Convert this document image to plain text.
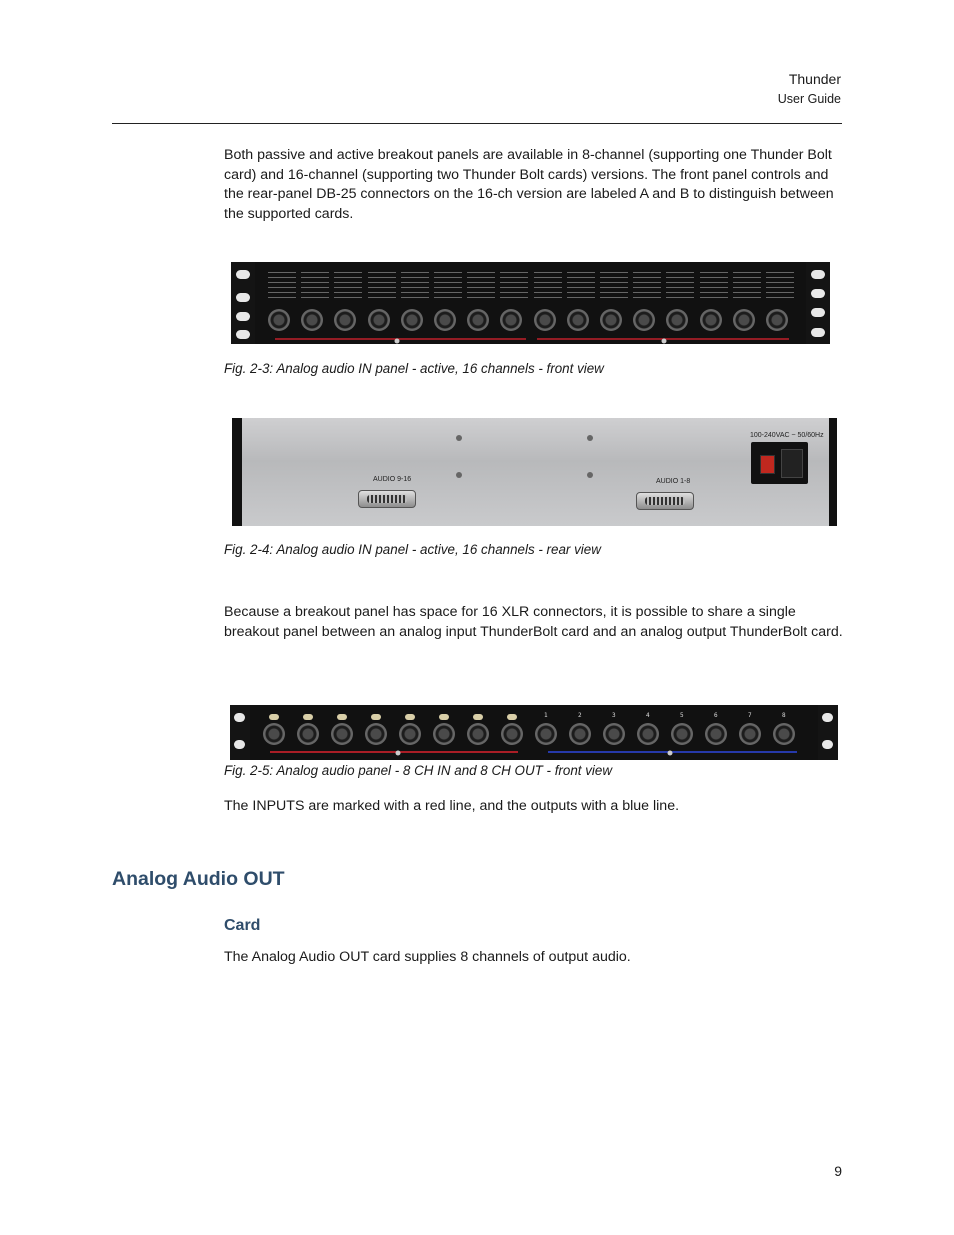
Thunder
User Guide
Both passive and active breakout panels are available in 8-channel (supporting one Thunder Bolt card) and 16-channel (supporting two Thunder Bolt cards) versions. The front panel controls and the rear-panel DB-25 connectors on the 16-ch version are labeled A and B to distinguish between the supported cards.
Fig. 2-3: Analog audio IN panel - active, 16 channels - front view
AUDIO 9-16	AUDIO 1-8
100-240VAC ~ 50/60Hz
Fig. 2-4: Analog audio IN panel - active, 16 channels - rear view
Because a breakout panel has space for 16 XLR connectors, it is possible to share a single breakout panel between an analog input ThunderBolt card and an analog output ThunderBolt card.
1	2	3	4	5	6	7	8
Fig. 2-5: Analog audio panel - 8 CH IN and 8 CH OUT - front view
The INPUTS are marked with a red line, and the outputs with a blue line.
Analog Audio OUT
Card
The Analog Audio OUT card supplies 8 channels of output audio.
9
